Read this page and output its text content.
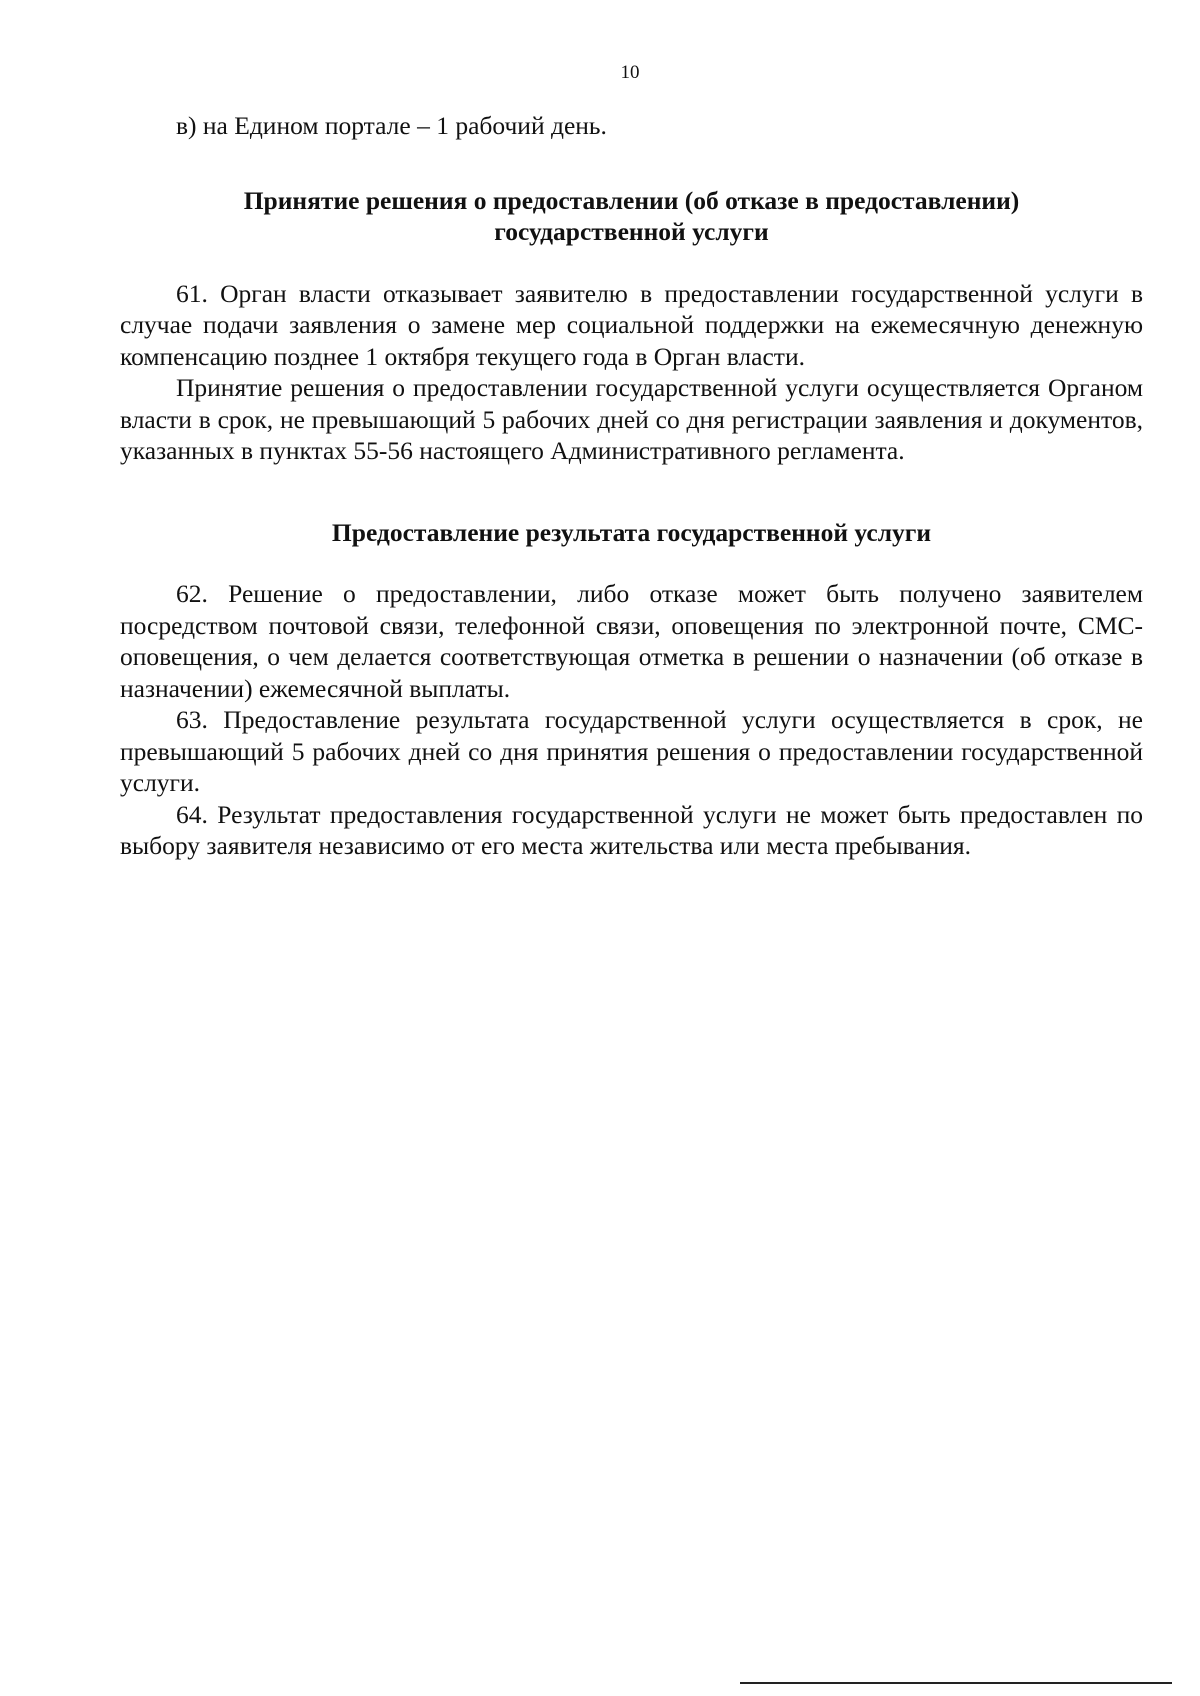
10

в) на Едином портале – 1 рабочий день.

Принятие решения о предоставлении (об отказе в предоставлении)
государственной услуги

61. Орган власти отказывает заявителю в предоставлении государственной услуги в случае подачи заявления о замене мер социальной поддержки на ежемесячную денежную компенсацию позднее 1 октября текущего года в Орган власти.

Принятие решения о предоставлении государственной услуги осуществляется Органом власти в срок, не превышающий 5 рабочих дней со дня регистрации заявления и документов, указанных в пунктах 55-56 настоящего Административного регламента.

Предоставление результата государственной услуги

62. Решение о предоставлении, либо отказе может быть получено заявителем посредством почтовой связи, телефонной связи, оповещения по электронной почте, СМС-оповещения, о чем делается соответствующая отметка в решении о назначении (об отказе в назначении) ежемесячной выплаты.

63. Предоставление результата государственной услуги осуществляется в срок, не превышающий 5 рабочих дней со дня принятия решения о предоставлении государственной услуги.

64. Результат предоставления государственной услуги не может быть предоставлен по выбору заявителя независимо от его места жительства или места пребывания.
